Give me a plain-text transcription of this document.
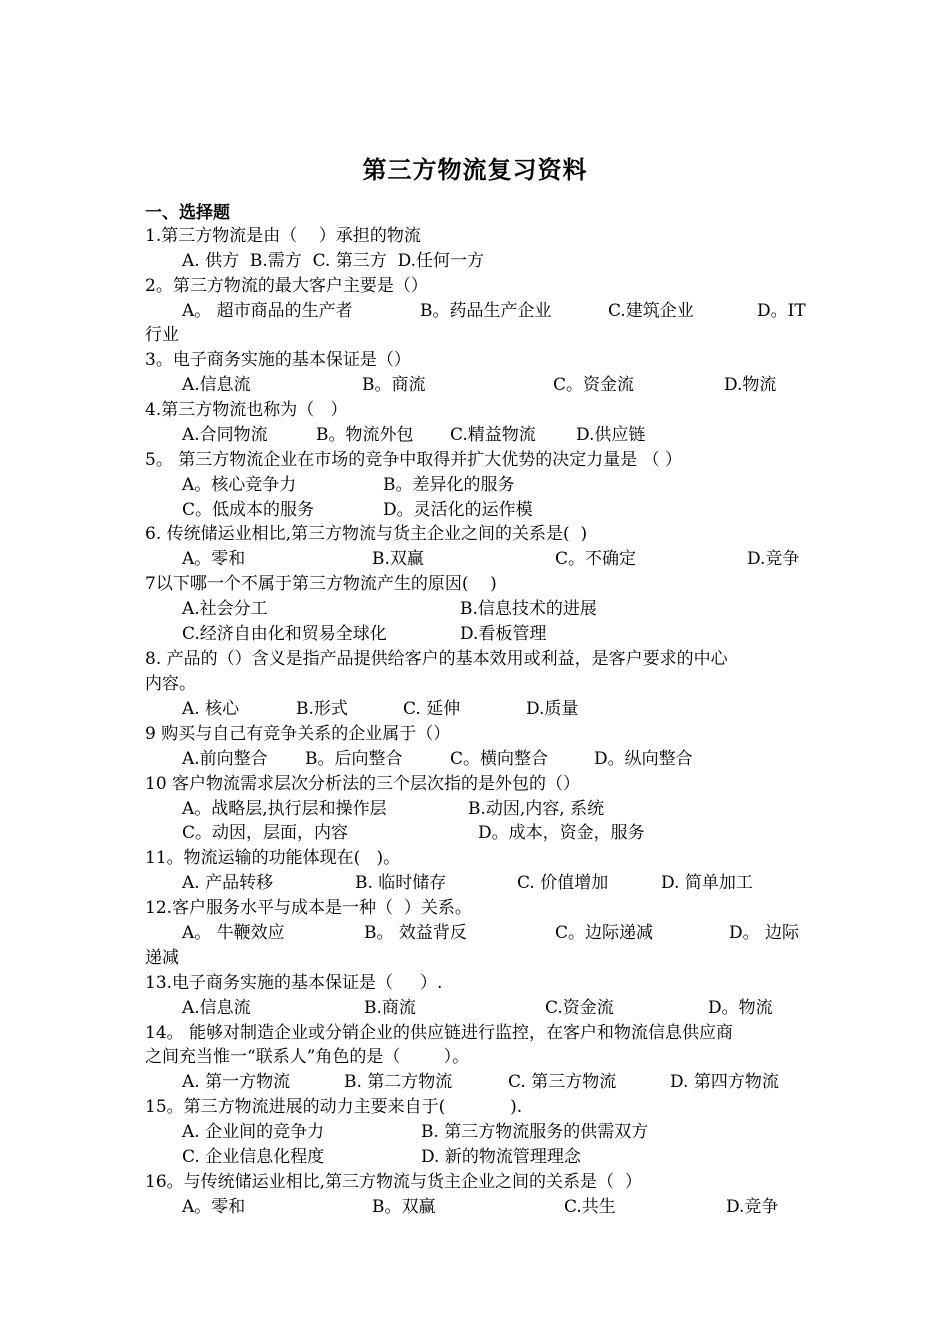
第三方物流复习资料
一、选择题
1.第三方物流是由（    ）承担的物流
A. 供方  B.需方  C. 第三方  D.任何一方
2。第三方物流的最大客户主要是（）
A。 超市商品的生产者	B。药品生产企业	C.建筑企业	D。IT
行业
3。电子商务实施的基本保证是（）
A.信息流	B。商流	C。资金流	D.物流
4.第三方物流也称为（   ）
A.合同物流	B。物流外包 C.精益物流 D.供应链
5。 第三方物流企业在市场的竞争中取得并扩大优势的决定力量是 （ ）
A。核心竞争力	B。差异化的服务
C。低成本的服务	D。灵活化的运作模
6. 传统储运业相比,第三方物流与货主企业之间的关系是(  )
A。零和	B.双赢	C。不确定	D.竞争
7以下哪一个不属于第三方物流产生的原因(    )
A.社会分工	B.信息技术的进展
C.经济自由化和贸易全球化	D.看板管理
8. 产品的（）含义是指产品提供给客户的基本效用或利益，是客户要求的中心
内容。
A. 核心	B.形式	C. 延伸	D.质量
9 购买与自己有竞争关系的企业属于（）
A.前向整合 B。后向整合	C。横向整合	D。纵向整合
10 客户物流需求层次分析法的三个层次指的是外包的（）
A。战略层,执行层和操作层	B.动因,内容, 系统
C。动因，层面，内容	D。成本，资金，服务
11。物流运输的功能体现在(   )。
A. 产品转移	B. 临时储存	C. 价值增加	D. 简单加工
12.客户服务水平与成本是一种（  ）关系。
A。 牛鞭效应	B。 效益背反	C。边际递减	D。 边际
递减
13.电子商务实施的基本保证是（     ）.
A.信息流	B.商流	C.资金流	D。物流
14。 能够对制造企业或分销企业的供应链进行监控，在客户和物流信息供应商
之间充当惟一“联系人”角色的是（        ）。
A. 第一方物流	B. 第二方物流	C. 第三方物流	D. 第四方物流
15。第三方物流进展的动力主要来自于(            ).
A. 企业间的竞争力	B. 第三方物流服务的供需双方
C. 企业信息化程度	D. 新的物流管理理念
16。与传统储运业相比,第三方物流与货主企业之间的关系是（  ）
A。零和	B。双赢	C.共生	D.竞争
